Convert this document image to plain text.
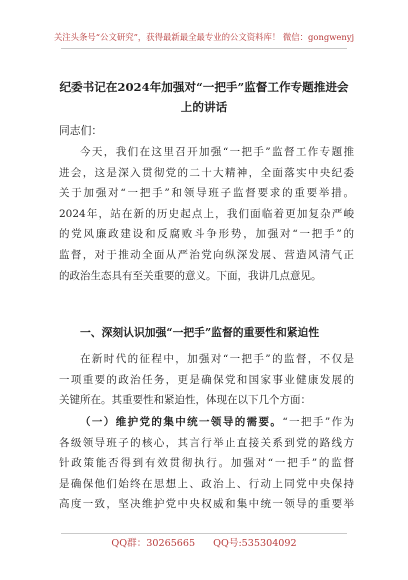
关注头条号“公文研究”，获得最新最全最专业的公文资料库！ 微信：gongwenyj
纪委书记在2024年加强对“一把手”监督工作专题推进会
上的讲话
同志们：
今天，我们在这里召开加强“一把手”监督工作专题推
进会，这是深入贯彻党的二十大精神，全面落实中央纪委
关于加强对“一把手”和领导班子监督要求的重要举措。
2024年，站在新的历史起点上，我们面临着更加复杂严峻
的党风廉政建设和反腐败斗争形势，加强对“一把手”的
监督，对于推动全面从严治党向纵深发展、营造风清气正
的政治生态具有至关重要的意义。下面，我讲几点意见。
一、深刻认识加强“一把手”监督的重要性和紧迫性
在新时代的征程中，加强对“一把手”的监督，不仅是
一项重要的政治任务，更是确保党和国家事业健康发展的
关键所在。其重要性和紧迫性，体现在以下几个方面：
（一）维护党的集中统一领导的需要。“一把手”作为
各级领导班子的核心，其言行举止直接关系到党的路线方
针政策能否得到有效贯彻执行。加强对“一把手”的监督
是确保他们始终在思想上、政治上、行动上同党中央保持
高度一致，坚决维护党中央权威和集中统一领导的重要举
QQ群：30265665 QQ号:535304092
